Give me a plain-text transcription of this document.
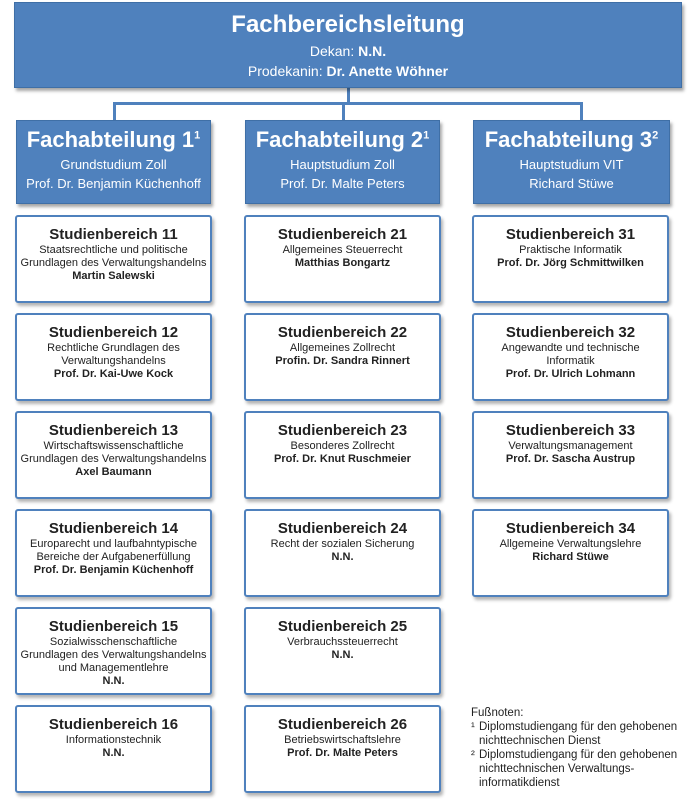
Fachbereichsleitung
Dekan: N.N.
Prodekanin: Dr. Anette Wöhner
Fachabteilung $1^1$
Grundstudium Zoll
Prof. Dr. Benjamin Küchenhoff
Fachabteilung $2^1$
Hauptstudium Zoll
Prof. Dr. Malte Peters
Fachabteilung $3^2$
Hauptstudium VIT
Richard Stüwe
Studienbereich 11
Staatsrechtliche und politische
Grundlagen des Verwaltungshandelns
Martin Salewski
Studienbereich 12
Rechtliche Grundlagen des
Verwaltungshandelns
Prof. Dr. Kai-Uwe Kock
Studienbereich 13
Wirtschaftswissenschaftliche
Grundlagen des Verwaltungshandelns
Axel Baumann
Studienbereich 14
Europarecht und laufbahntypische
Bereiche der Aufgabenerfüllung
Prof. Dr. Benjamin Küchenhoff
Studienbereich 15
Sozialwisschenschaftliche
Grundlagen des Verwaltungshandelns
und Managementlehre
N.N.
Studienbereich 16
Informationstechnik
N.N.
Studienbereich 21
Allgemeines Steuerrecht
Matthias Bongartz
Studienbereich 22
Allgemeines Zollrecht
Profin. Dr. Sandra Rinnert
Studienbereich 23
Besonderes Zollrecht
Prof. Dr. Knut Ruschmeier
Studienbereich 24
Recht der sozialen Sicherung
N.N.
Studienbereich 25
Verbrauchssteuerrecht
N.N.
Studienbereich 26
Betriebswirtschaftslehre
Prof. Dr. Malte Peters
Studienbereich 31
Praktische Informatik
Prof. Dr. Jörg Schmittwilken
Studienbereich 32
Angewandte und technische Informatik
Prof. Dr. Ulrich Lohmann
Studienbereich 33
Verwaltungsmanagement
Prof. Dr. Sascha Austrup
Studienbereich 34
Allgemeine Verwaltungslehre
Richard Stüwe
Fußnoten:
¹ Diplomstudiengang für den gehobenen nichttechnischen Dienst
² Diplomstudiengang für den gehobenen nichttechnischen Verwaltungs-informatikdienst
